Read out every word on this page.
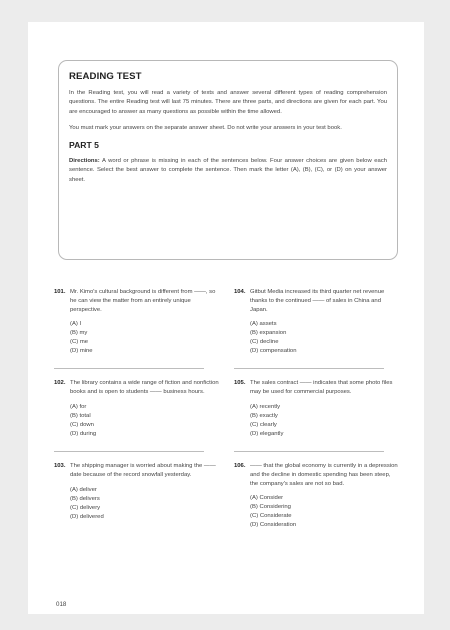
READING TEST

In the Reading test, you will read a variety of texts and answer several different types of reading comprehension questions. The entire Reading test will last 75 minutes. There are three parts, and directions are given for each part. You are encouraged to answer as many questions as possible within the time allowed.

You must mark your answers on the separate answer sheet. Do not write your answers in your test book.

PART 5

Directions: A word or phrase is missing in each of the sentences below. Four answer choices are given below each sentence. Select the best answer to complete the sentence. Then mark the letter (A), (B), (C), or (D) on your answer sheet.

101. Mr. Kimo's cultural background is different from ——, so he can view the matter from an entirely unique perspective.
(A) I
(B) my
(C) me
(D) mine
102. The library contains a wide range of fiction and nonfiction books and is open to students —— business hours.
(A) for
(B) total
(C) down
(D) during
103. The shipping manager is worried about making the —— date because of the record snowfall yesterday.
(A) deliver
(B) delivers
(C) delivery
(D) delivered
104. Gitbut Media increased its third quarter net revenue thanks to the continued —— of sales in China and Japan.
(A) assets
(B) expansion
(C) decline
(D) compensation
105. The sales contract —— indicates that some photo files may be used for commercial purposes.
(A) recently
(B) exactly
(C) clearly
(D) elegantly
106. —— that the global economy is currently in a depression and the decline in domestic spending has been steep, the company's sales are not so bad.
(A) Consider
(B) Considering
(C) Considerate
(D) Consideration
018
